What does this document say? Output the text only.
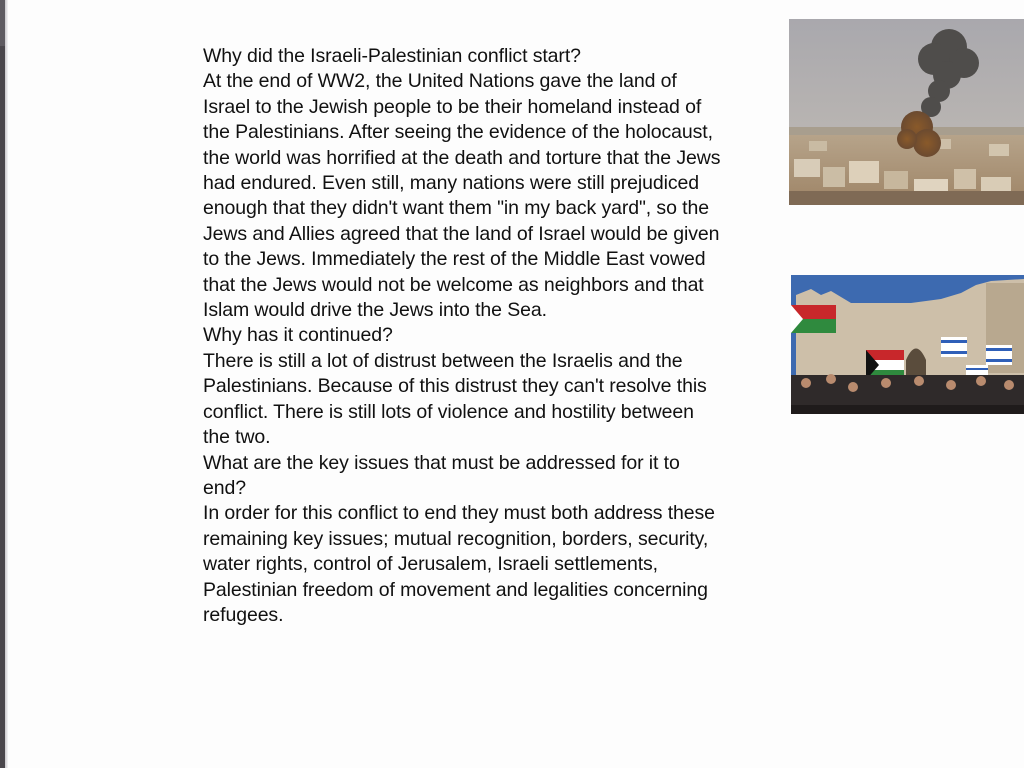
Why did the Israeli-Palestinian conflict start?
At the end of WW2, the United Nations gave the land of
Israel to the Jewish people to be their homeland instead of
the Palestinians. After seeing the evidence of the holocaust,
the world was horrified at the death and torture that the Jews
had endured. Even still, many nations were still prejudiced
enough that they didn't want them "in my back yard", so the
Jews and Allies agreed that the land of Israel would be given
to the Jews. Immediately the rest of the Middle East vowed
that the Jews would not be welcome as neighbors and that
Islam would drive the Jews into the Sea.
Why has it continued?
There is still a lot of distrust between the Israelis and the
Palestinians. Because of this distrust they can't resolve this
conflict. There is still lots of violence and hostility between
the two.
What are the key issues that must be addressed for it to
end?
In order for this conflict to end they must both address these
remaining key issues; mutual recognition, borders, security,
water rights, control of Jerusalem, Israeli settlements,
Palestinian freedom of movement and legalities concerning
refugees.
